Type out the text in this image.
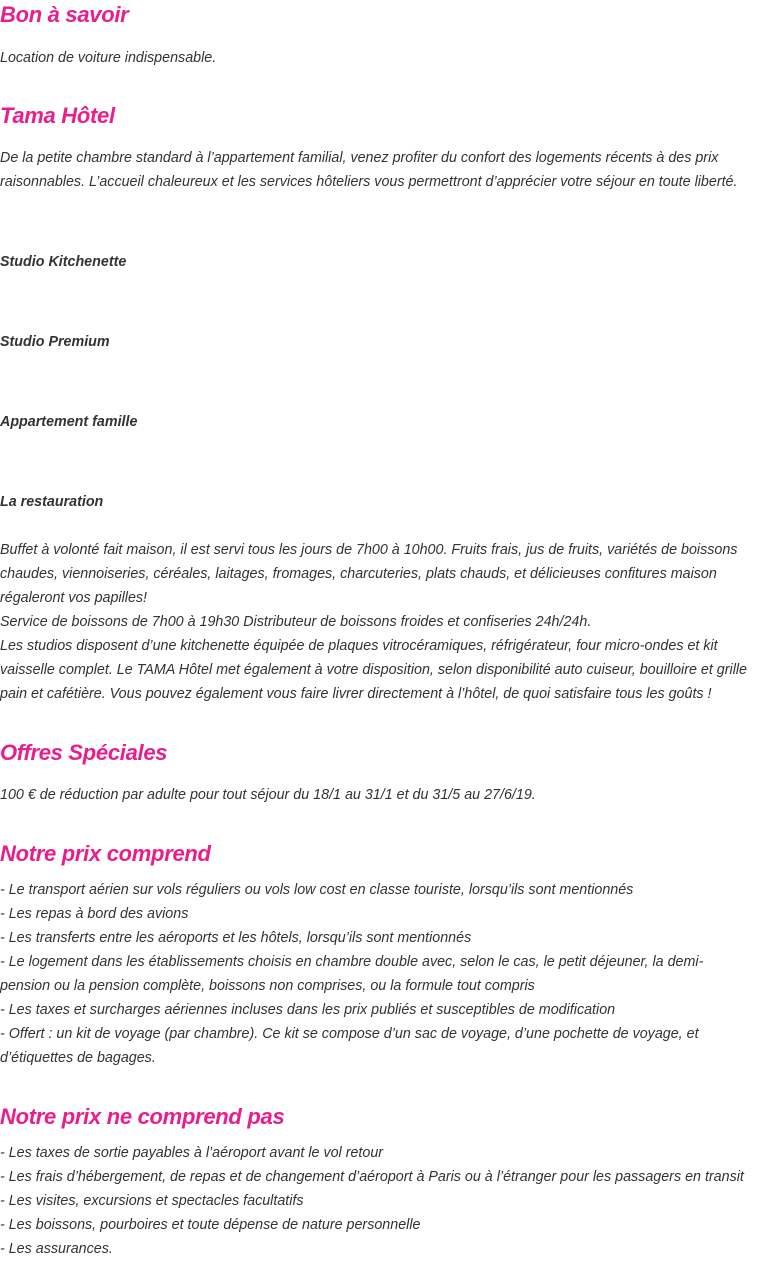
Bon à savoir

Location de voiture indispensable.

Tama Hôtel

De la petite chambre standard à l’appartement familial, venez profiter du confort des logements récents à des prix raisonnables. L’accueil chaleureux et les services hôteliers vous permettront d’apprécier votre séjour en toute liberté.

Studio Kitchenette
Studio Premium
Appartement famille
La restauration

Buffet à volonté fait maison, il est servi tous les jours de 7h00 à 10h00. Fruits frais, jus de fruits, variétés de boissons chaudes, viennoiseries, céréales, laitages, fromages, charcuteries, plats chauds, et délicieuses confitures maison régaleront vos papilles!

Service de boissons de 7h00 à 19h30 Distributeur de boissons froides et confiseries 24h/24h.

Les studios disposent d’une kitchenette équipée de plaques vitrocéramiques, réfrigérateur, four micro-ondes et kit vaisselle complet. Le TAMA Hôtel met également à votre disposition, selon disponibilité auto cuiseur, bouilloire et grille pain et cafétière. Vous pouvez également vous faire livrer directement à l’hôtel, de quoi satisfaire tous les goûts !

Offres Spéciales

100 € de réduction par adulte pour tout séjour du 18/1 au 31/1 et du 31/5 au 27/6/19.

Notre prix comprend

- Le transport aérien sur vols réguliers ou vols low cost en classe touriste, lorsqu’ils sont mentionnés

- Les repas à bord des avions

- Les transferts entre les aéroports et les hôtels, lorsqu’ils sont mentionnés

- Le logement dans les établissements choisis en chambre double avec, selon le cas, le petit déjeuner, la demi-pension ou la pension complète, boissons non comprises, ou la formule tout compris

- Les taxes et surcharges aériennes incluses dans les prix publiés et susceptibles de modification

- Offert : un kit de voyage (par chambre). Ce kit se compose d’un sac de voyage, d’une pochette de voyage, et d’étiquettes de bagages.

Notre prix ne comprend pas

- Les taxes de sortie payables à l’aéroport avant le vol retour

- Les frais d’hébergement, de repas et de changement d’aéroport à Paris ou à l’étranger pour les passagers en transit

- Les visites, excursions et spectacles facultatifs

- Les boissons, pourboires et toute dépense de nature personnelle

- Les assurances.
